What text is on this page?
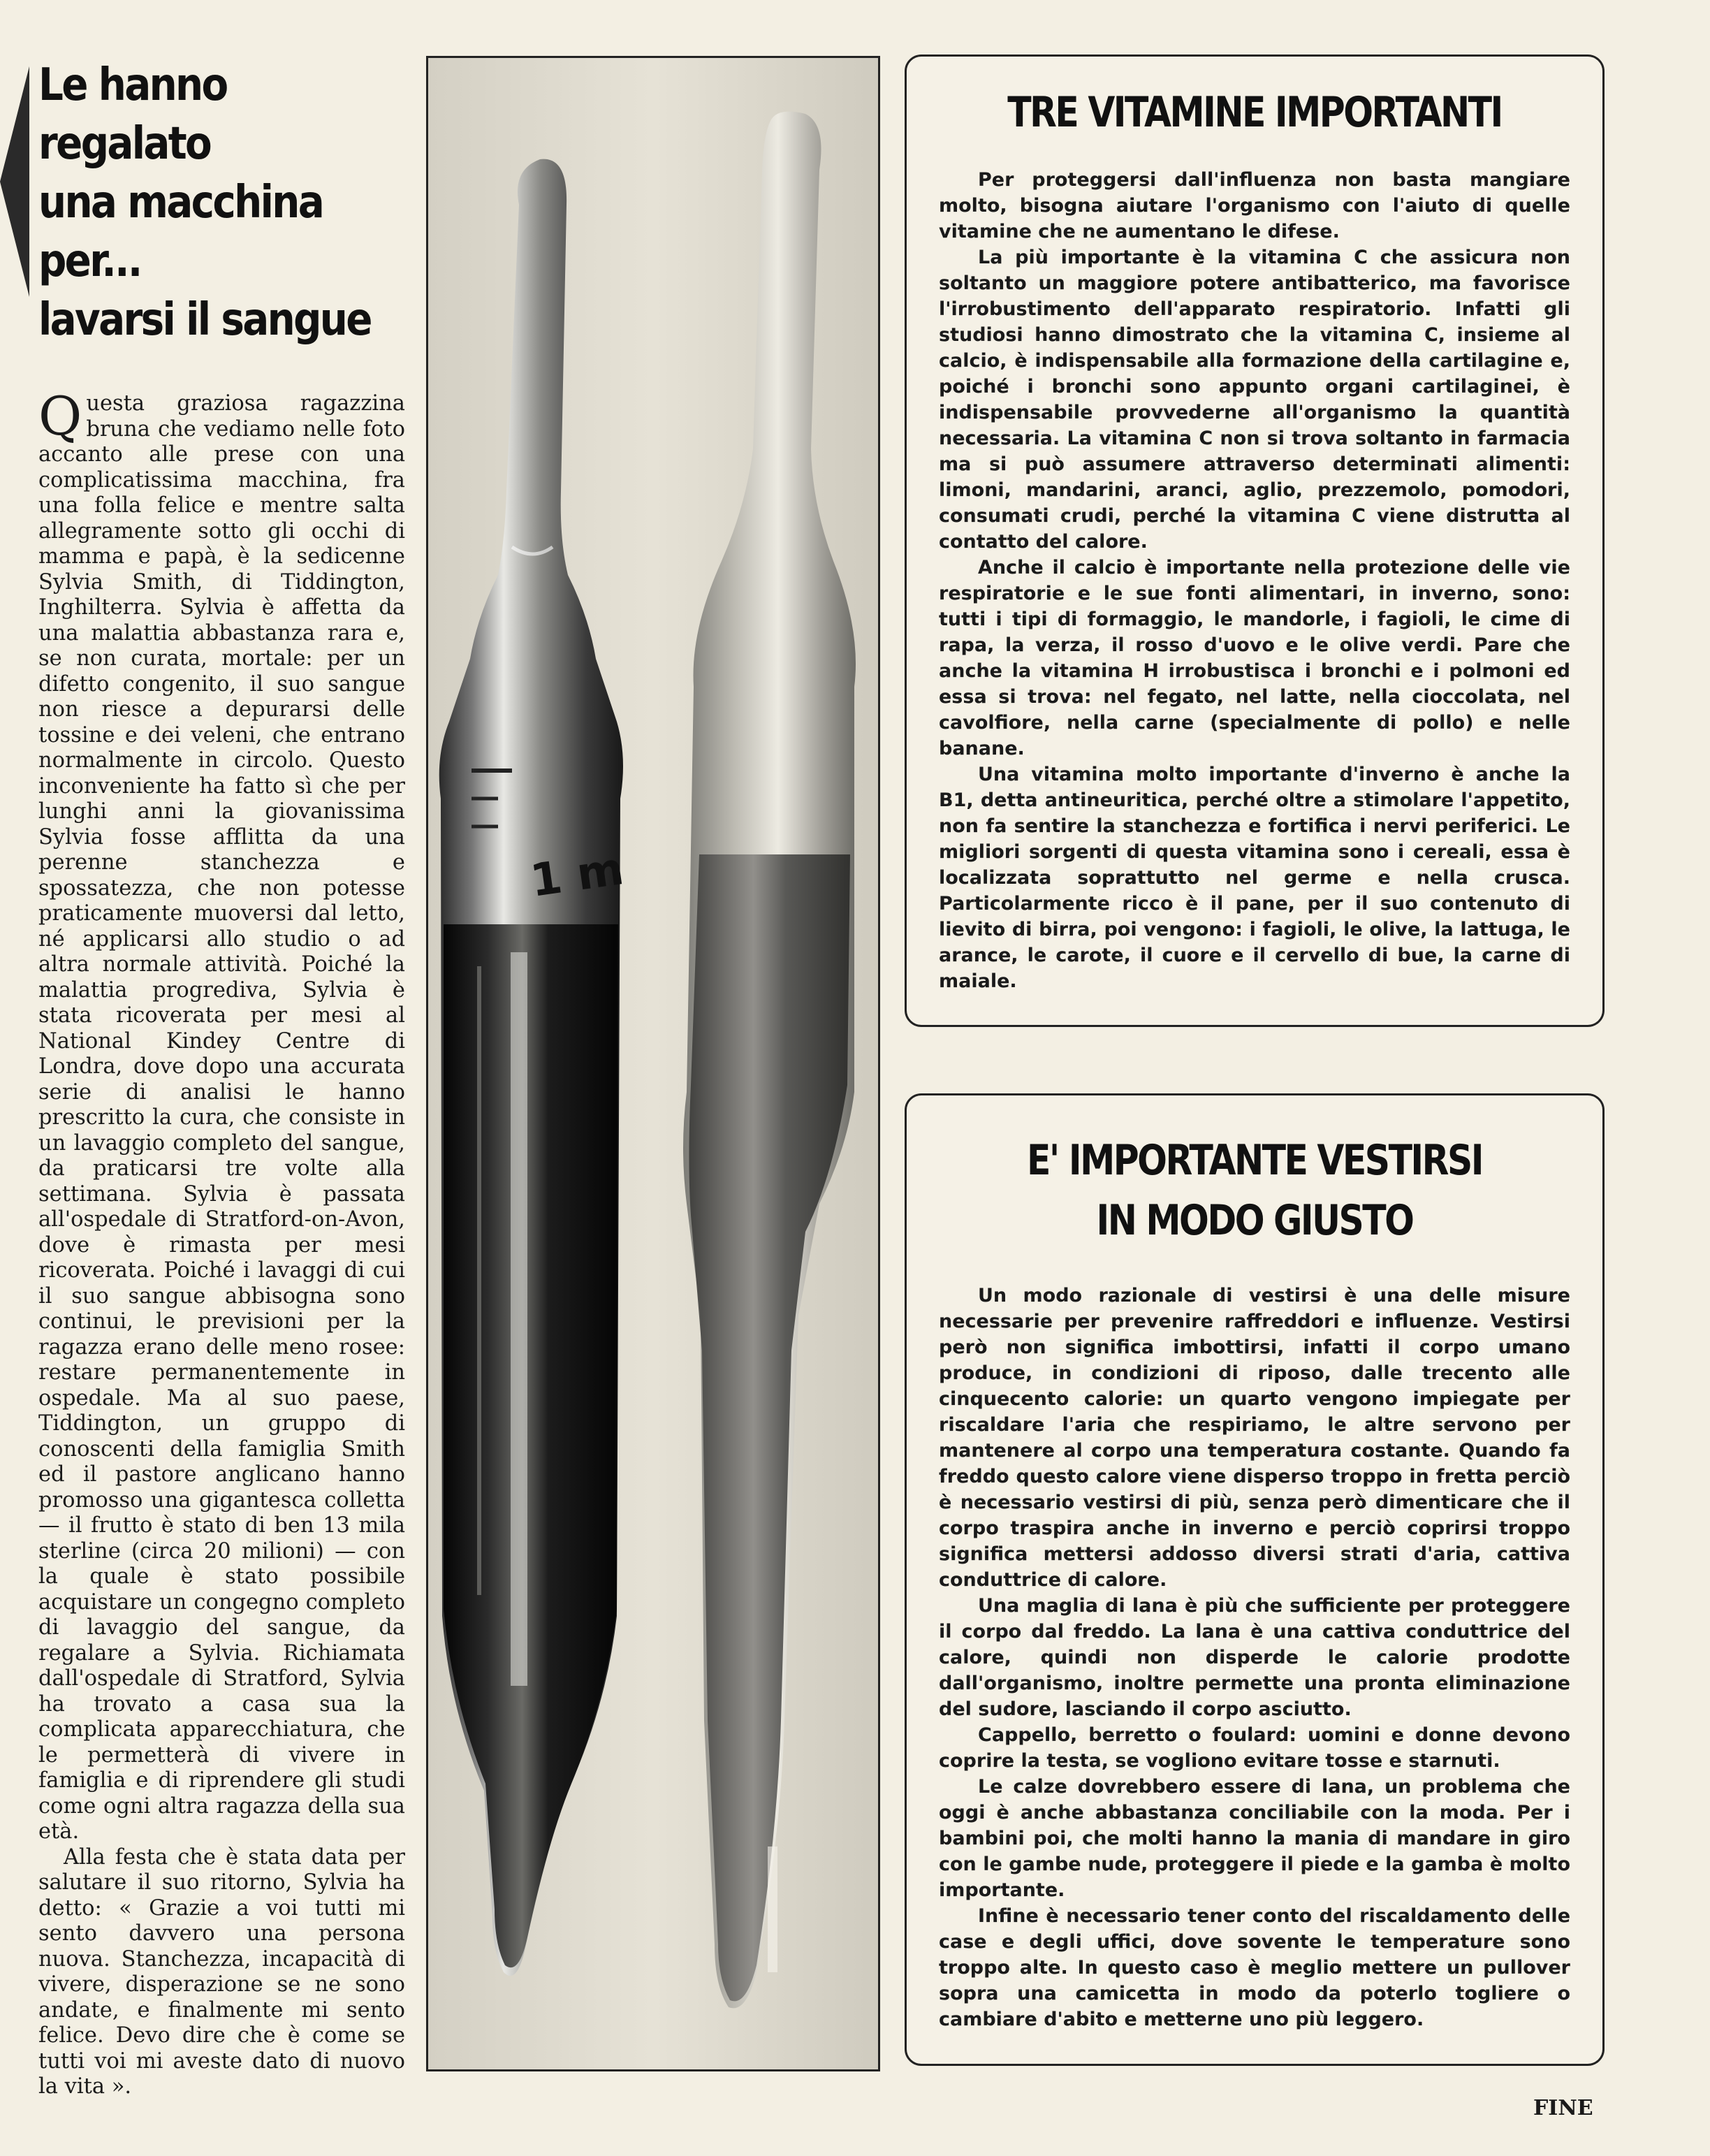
Le hanno regalato
una macchina
per...
lavarsi il sangue

Questa graziosa ragazzina bruna che vediamo nelle foto accanto alle prese con una complicatissima macchina, fra una folla felice e mentre salta allegramente sotto gli occhi di mamma e papà, è la sedicenne Sylvia Smith, di Tiddington, Inghilterra. Sylvia è affetta da una malattia abbastanza rara e, se non curata, mortale: per un difetto congenito, il suo sangue non riesce a depurarsi delle tossine e dei veleni, che entrano normalmente in circolo. Questo inconveniente ha fatto sì che per lunghi anni la giovanissima Sylvia fosse afflitta da una perenne stanchezza e spossatezza, che non potesse praticamente muoversi dal letto, né applicarsi allo studio o ad altra normale attività. Poiché la malattia progrediva, Sylvia è stata ricoverata per mesi al National Kindey Centre di Londra, dove dopo una accurata serie di analisi le hanno prescritto la cura, che consiste in un lavaggio completo del sangue, da praticarsi tre volte alla settimana. Sylvia è passata all'ospedale di Stratford-on-Avon, dove è rimasta per mesi ricoverata. Poiché i lavaggi di cui il suo sangue abbisogna sono continui, le previsioni per la ragazza erano delle meno rosee: restare permanentemente in ospedale. Ma al suo paese, Tiddington, un gruppo di conoscenti della famiglia Smith ed il pastore anglicano hanno promosso una gigantesca colletta — il frutto è stato di ben 13 mila sterline (circa 20 milioni) — con la quale è stato possibile acquistare un congegno completo di lavaggio del sangue, da regalare a Sylvia. Richiamata dall'ospedale di Stratford, Sylvia ha trovato a casa sua la complicata apparecchiatura, che le permetterà di vivere in famiglia e di riprendere gli studi come ogni altra ragazza della sua età.

Alla festa che è stata data per salutare il suo ritorno, Sylvia ha detto: « Grazie a voi tutti mi sento davvero una persona nuova. Stanchezza, incapacità di vivere, disperazione se ne sono andate, e finalmente mi sento felice. Devo dire che è come se tutti voi mi aveste dato di nuovo la vita ».

1 m
TRE VITAMINE IMPORTANTI

Per proteggersi dall'influenza non basta mangiare molto, bisogna aiutare l'organismo con l'aiuto di quelle vitamine che ne aumentano le difese.

La più importante è la vitamina C che assicura non soltanto un maggiore potere antibatterico, ma favorisce l'irrobustimento dell'apparato respiratorio. Infatti gli studiosi hanno dimostrato che la vitamina C, insieme al calcio, è indispensabile alla formazione della cartilagine e, poiché i bronchi sono appunto organi cartilaginei, è indispensabile provvederne all'organismo la quantità necessaria. La vitamina C non si trova soltanto in farmacia ma si può assumere attraverso determinati alimenti: limoni, mandarini, aranci, aglio, prezzemolo, pomodori, consumati crudi, perché la vitamina C viene distrutta al contatto del calore.

Anche il calcio è importante nella protezione delle vie respiratorie e le sue fonti alimentari, in inverno, sono: tutti i tipi di formaggio, le mandorle, i fagioli, le cime di rapa, la verza, il rosso d'uovo e le olive verdi. Pare che anche la vitamina H irrobustisca i bronchi e i polmoni ed essa si trova: nel fegato, nel latte, nella cioccolata, nel cavolfiore, nella carne (specialmente di pollo) e nelle banane.

Una vitamina molto importante d'inverno è anche la B1, detta antineuritica, perché oltre a stimolare l'appetito, non fa sentire la stanchezza e fortifica i nervi periferici. Le migliori sorgenti di questa vitamina sono i cereali, essa è localizzata soprattutto nel germe e nella crusca. Particolarmente ricco è il pane, per il suo contenuto di lievito di birra, poi vengono: i fagioli, le olive, la lattuga, le arance, le carote, il cuore e il cervello di bue, la carne di maiale.

E' IMPORTANTE VESTIRSI
IN MODO GIUSTO

Un modo razionale di vestirsi è una delle misure necessarie per prevenire raffreddori e influenze. Vestirsi però non significa imbottirsi, infatti il corpo umano produce, in condizioni di riposo, dalle trecento alle cinquecento calorie: un quarto vengono impiegate per riscaldare l'aria che respiriamo, le altre servono per mantenere al corpo una temperatura costante. Quando fa freddo questo calore viene disperso troppo in fretta perciò è necessario vestirsi di più, senza però dimenticare che il corpo traspira anche in inverno e perciò coprirsi troppo significa mettersi addosso diversi strati d'aria, cattiva conduttrice di calore.

Una maglia di lana è più che sufficiente per proteggere il corpo dal freddo. La lana è una cattiva conduttrice del calore, quindi non disperde le calorie prodotte dall'organismo, inoltre permette una pronta eliminazione del sudore, lasciando il corpo asciutto.

Cappello, berretto o foulard: uomini e donne devono coprire la testa, se vogliono evitare tosse e starnuti.

Le calze dovrebbero essere di lana, un problema che oggi è anche abbastanza conciliabile con la moda. Per i bambini poi, che molti hanno la mania di mandare in giro con le gambe nude, proteggere il piede e la gamba è molto importante.

Infine è necessario tener conto del riscaldamento delle case e degli uffici, dove sovente le temperature sono troppo alte. In questo caso è meglio mettere un pullover sopra una camicetta in modo da poterlo togliere o cambiare d'abito e metterne uno più leggero.

FINE
